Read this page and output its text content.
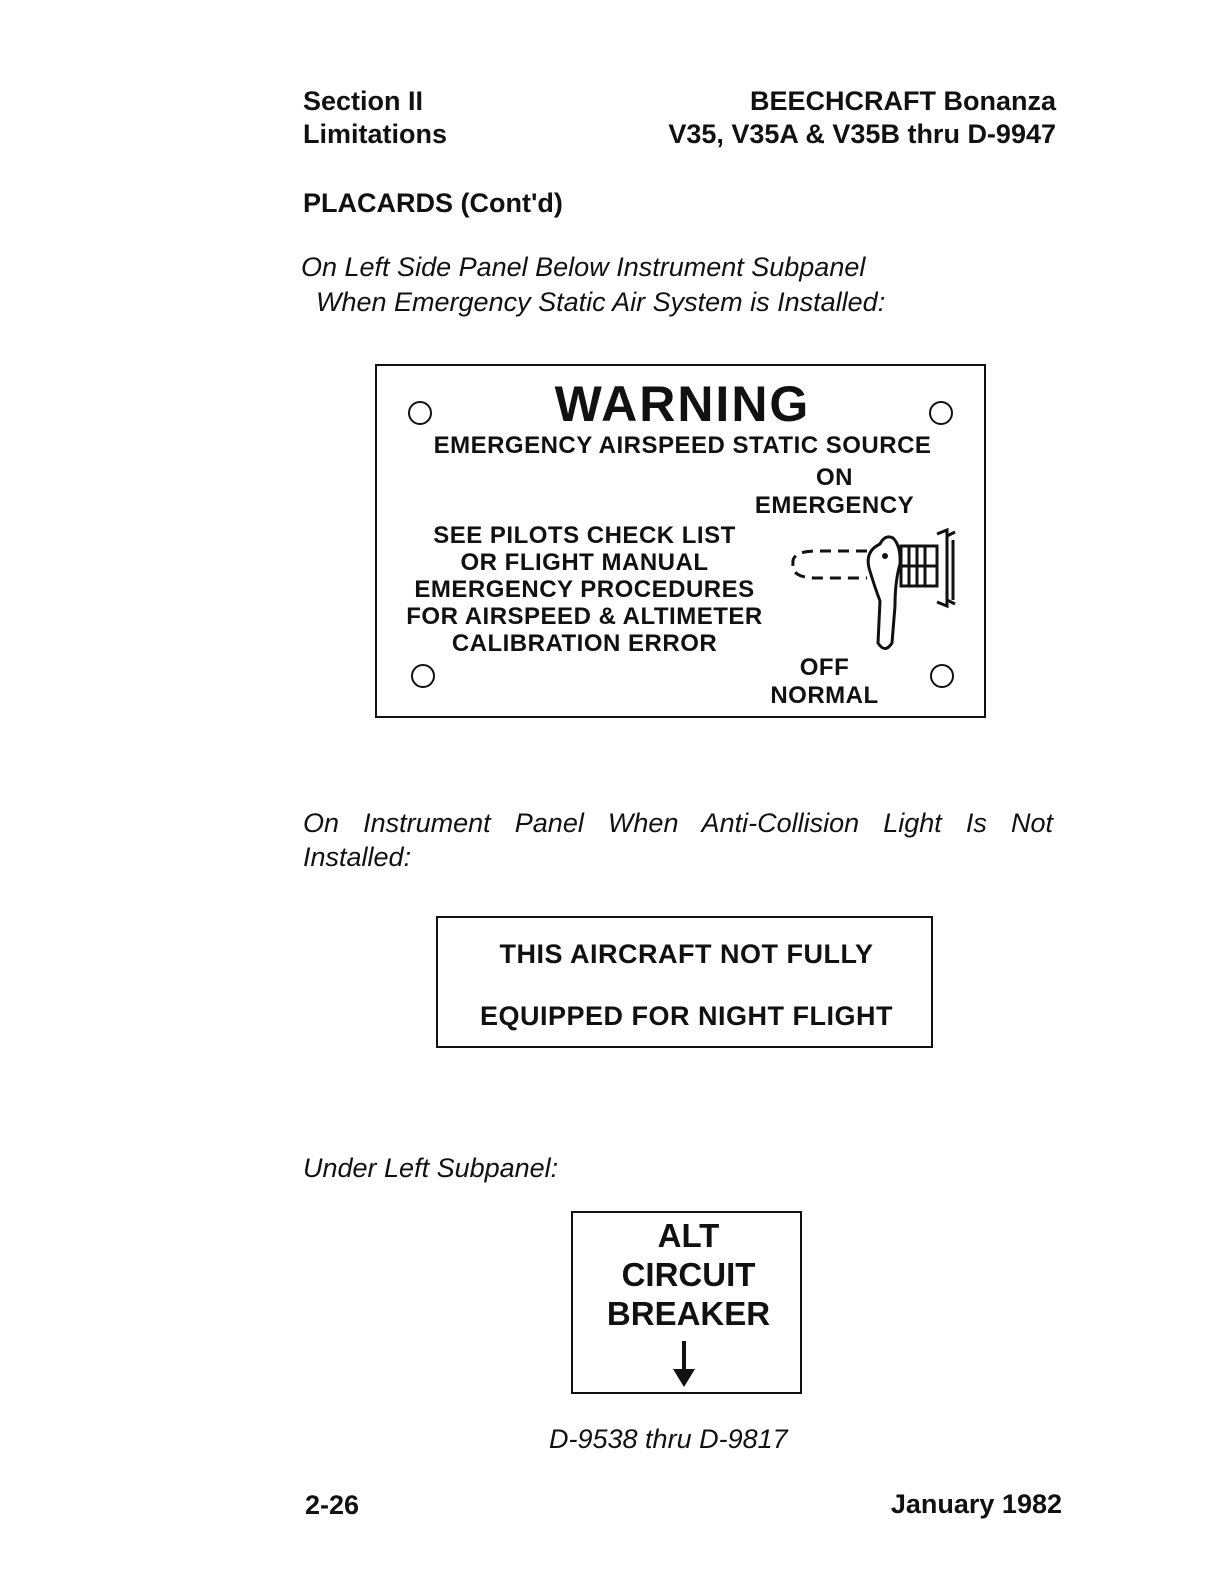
Section II
Limitations
BEECHCRAFT Bonanza
V35, V35A & V35B thru D-9947
PLACARDS (Cont'd)
On Left Side Panel Below Instrument Subpanel
When Emergency Static Air System is Installed:
WARNING
EMERGENCY AIRSPEED STATIC SOURCE
ON
EMERGENCY
SEE PILOTS CHECK LIST
OR FLIGHT MANUAL
EMERGENCY PROCEDURES
FOR AIRSPEED & ALTIMETER
CALIBRATION ERROR
OFF
NORMAL
On Instrument Panel When Anti-Collision Light Is Not
Installed:
THIS AIRCRAFT NOT FULLY
EQUIPPED FOR NIGHT FLIGHT
Under Left Subpanel:
ALT
CIRCUIT
BREAKER
D-9538 thru D-9817
2-26	January 1982
